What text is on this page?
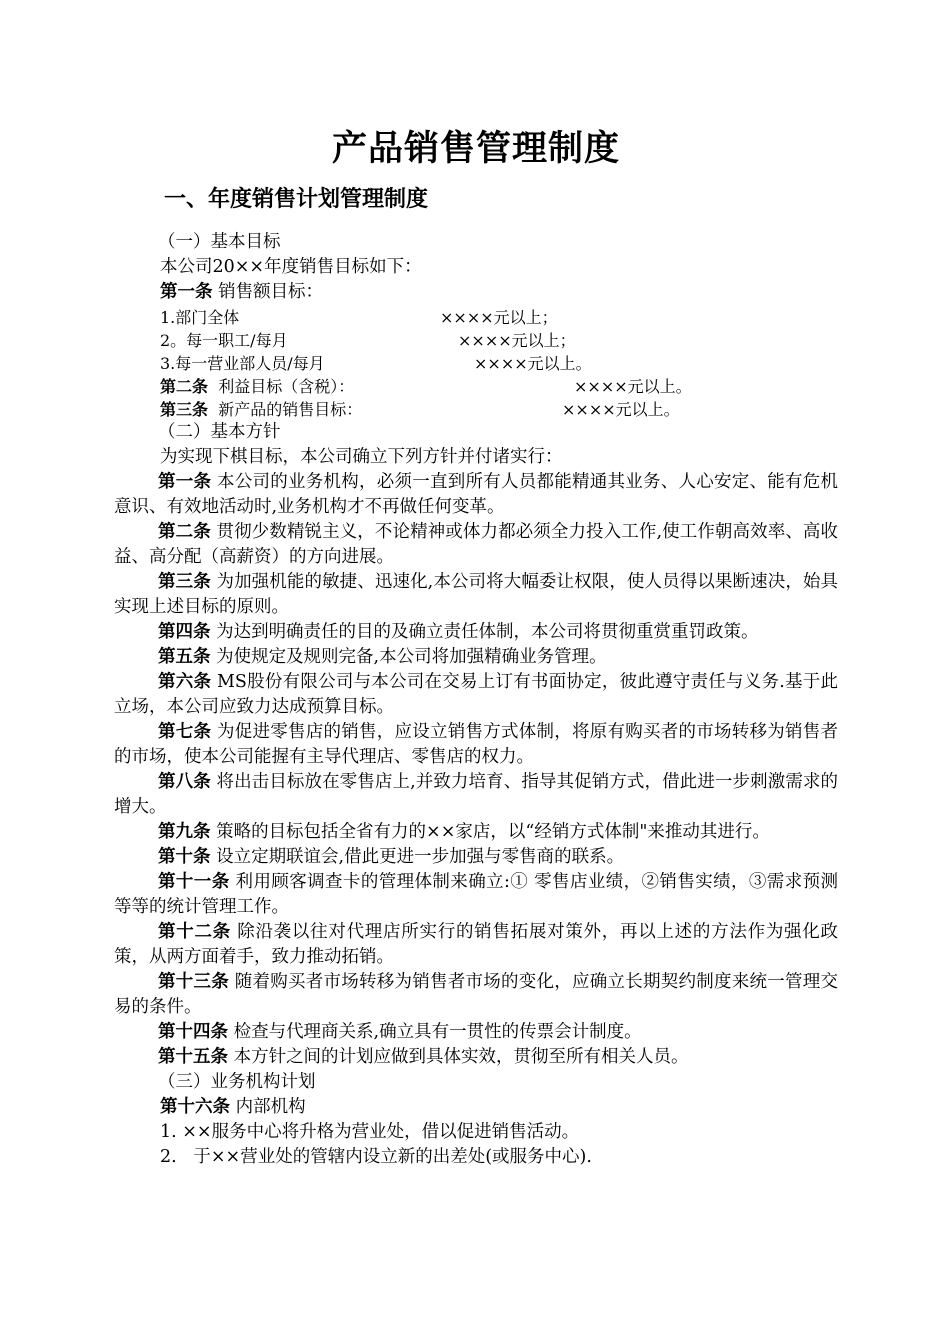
产品销售管理制度
一、年度销售计划管理制度

（一）基本目标

本公司20××年度销售目标如下：

第一条 销售额目标：

1.部门全体	××××元以上；
2。每一职工/每月	××××元以上；
3.每一营业部人员/每月	××××元以上。
第二条  利益目标（含税）：	××××元以上。
第三条  新产品的销售目标：	××××元以上。

（二）基本方针

为实现下棋目标，本公司确立下列方针并付诸实行：

第一条 本公司的业务机构，必须一直到所有人员都能精通其业务、人心安定、能有危机意识、有效地活动时,业务机构才不再做任何变革。

第二条 贯彻少数精锐主义，不论精神或体力都必须全力投入工作,使工作朝高效率、高收益、高分配（高薪资）的方向进展。

第三条 为加强机能的敏捷、迅速化,本公司将大幅委让权限，使人员得以果断速决，始具实现上述目标的原则。

第四条 为达到明确责任的目的及确立责任体制，本公司将贯彻重赏重罚政策。

第五条 为使规定及规则完备,本公司将加强精确业务管理。

第六条 MS股份有限公司与本公司在交易上订有书面协定，彼此遵守责任与义务.基于此立场，本公司应致力达成预算目标。

第七条 为促进零售店的销售，应设立销售方式体制，将原有购买者的市场转移为销售者的市场，使本公司能握有主导代理店、零售店的权力。

第八条 将出击目标放在零售店上,并致力培育、指导其促销方式，借此进一步刺激需求的增大。

第九条 策略的目标包括全省有力的××家店，以“经销方式体制"来推动其进行。

第十条 设立定期联谊会,借此更进一步加强与零售商的联系。

第十一条 利用顾客调查卡的管理体制来确立:① 零售店业绩，②销售实绩，③需求预测等等的统计管理工作。

第十二条 除沿袭以往对代理店所实行的销售拓展对策外，再以上述的方法作为强化政策，从两方面着手，致力推动拓销。

第十三条 随着购买者市场转移为销售者市场的变化，应确立长期契约制度来统一管理交易的条件。

第十四条 检查与代理商关系,确立具有一贯性的传票会计制度。

第十五条 本方针之间的计划应做到具体实效，贯彻至所有相关人员。

（三）业务机构计划

第十六条 内部机构

1. ××服务中心将升格为营业处，借以促进销售活动。

2.   于××营业处的管辖内设立新的出差处(或服务中心).
